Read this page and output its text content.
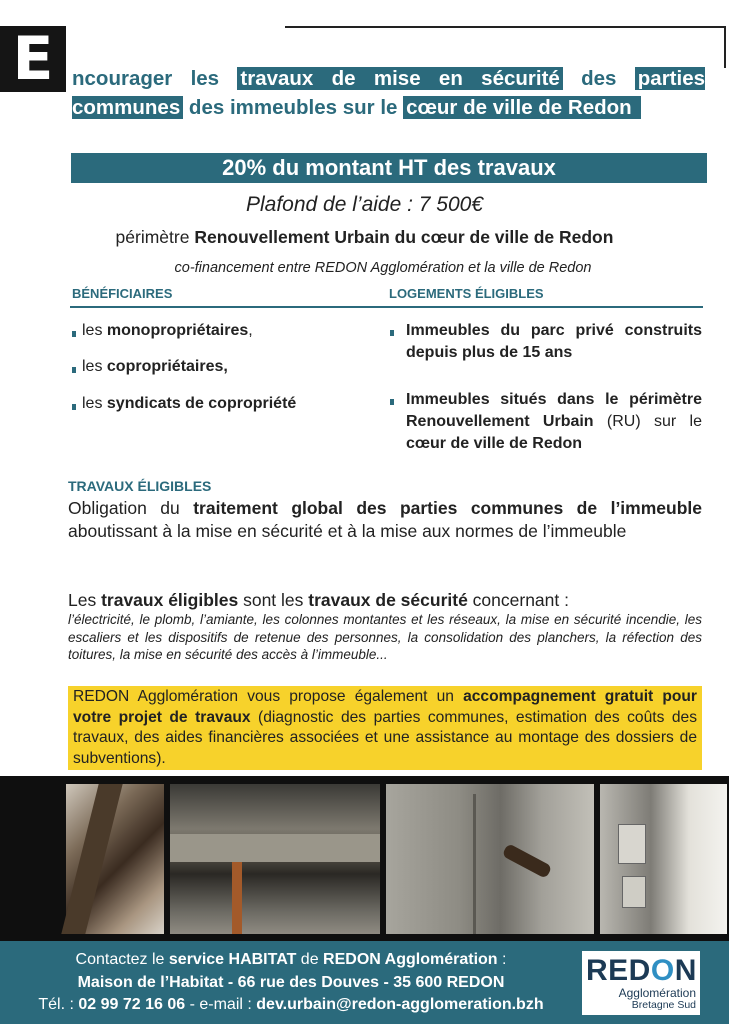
E ncourager les travaux de mise en sécurité des parties communes des immeubles sur le cœur de ville de Redon
20% du montant HT des travaux
Plafond de l’aide : 7 500€
périmètre Renouvellement Urbain du cœur de ville de Redon
co-financement entre REDON Agglomération et la ville de Redon
BÉNÉFICIAIRES	LOGEMENTS ÉLIGIBLES
les monopropriétaires,
les copropriétaires,
les syndicats de copropriété
Immeubles du parc privé construits depuis plus de 15 ans
Immeubles situés dans le périmètre Renouvellement Urbain (RU) sur le cœur de ville de Redon
TRAVAUX ÉLIGIBLES
Obligation du traitement global des parties communes de l’immeuble aboutissant à la mise en sécurité et à la mise aux normes de l’immeuble
Les travaux éligibles sont les travaux de sécurité concernant :
l’électricité, le plomb, l’amiante, les colonnes montantes et les réseaux, la mise en sécurité incendie, les escaliers et les dispositifs de retenue des personnes, la consolidation des planchers, la réfection des toitures, la mise en sécurité des accès à l’immeuble...
REDON Agglomération vous propose également un accompagnement gratuit pour votre projet de travaux (diagnostic des parties communes, estimation des coûts des travaux, des aides financières associées et une assistance au montage des dossiers de subventions).
Contactez le service HABITAT de REDON Agglomération :
Maison de l’Habitat - 66 rue des Douves - 35 600 REDON
Tél. : 02 99 72 16 06 - e-mail : dev.urbain@redon-agglomeration.bzh
REDON
Agglomération
Bretagne Sud
